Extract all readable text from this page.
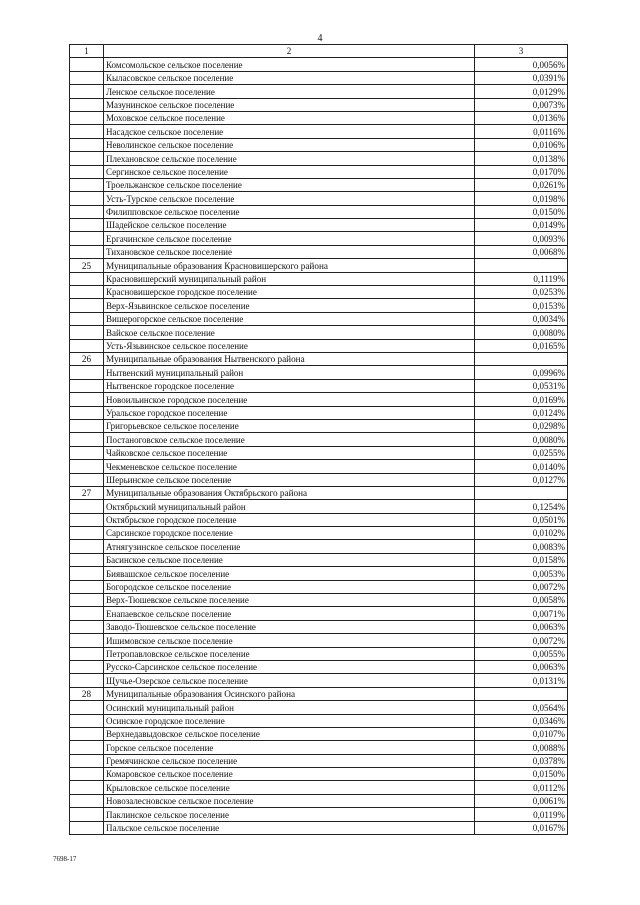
4
1	2	3
	Комсомольское сельское поселение	0,0056%
	Кыласовское сельское поселение	0,0391%
	Ленское сельское поселение	0,0129%
	Мазунинское сельское поселение	0,0073%
	Моховское сельское поселение	0,0136%
	Насадское сельское поселение	0,0116%
	Неволинское сельское поселение	0,0106%
	Плехановское сельское поселение	0,0138%
	Сергинское сельское поселение	0,0170%
	Троельжанское сельское поселение	0,0261%
	Усть-Турское сельское поселение	0,0198%
	Филипповское сельское поселение	0,0150%
	Шадейское сельское поселение	0,0149%
	Ергачинское сельское поселение	0,0093%
	Тихановское сельское поселение	0,0068%
25	Муниципальные образования Красновишерского района	
	Красновишерский муниципальный район	0,1119%
	Красновишерское городское поселение	0,0253%
	Верх-Язьвинское сельское поселение	0,0153%
	Вишерогорское сельское поселение	0,0034%
	Вайское сельское поселение	0,0080%
	Усть-Язьвинское сельское поселение	0,0165%
26	Муниципальные образования Нытвенского района	
	Нытвенский муниципальный район	0,0996%
	Нытвенское городское поселение	0,0531%
	Новоильинское городское поселение	0,0169%
	Уральское городское поселение	0,0124%
	Григорьевское сельское поселение	0,0298%
	Постаноговское сельское поселение	0,0080%
	Чайковское сельское поселение	0,0255%
	Чекменевское сельское поселение	0,0140%
	Шерьинское сельское поселение	0,0127%
27	Муниципальные образования Октябрьского района	
	Октябрьский муниципальный район	0,1254%
	Октябрьское городское поселение	0,0501%
	Сарсинское городское поселение	0,0102%
	Атнягузинское сельское поселение	0,0083%
	Басинское сельское поселение	0,0158%
	Биявашское сельское поселение	0,0053%
	Богородское сельское поселение	0,0072%
	Верх-Тюшевское сельское поселение	0,0058%
	Енапаевское сельское поселение	0,0071%
	Заводо-Тюшевское сельское поселение	0,0063%
	Ишимовское сельское поселение	0,0072%
	Петропавловское сельское поселение	0,0055%
	Русско-Сарсинское сельское поселение	0,0063%
	Щучье-Озерское сельское поселение	0,0131%
28	Муниципальные образования Осинского района	
	Осинский муниципальный район	0,0564%
	Осинское городское поселение	0,0346%
	Верхнедавыдовское сельское поселение	0,0107%
	Горское сельское поселение	0,0088%
	Гремячинское сельское поселение	0,0378%
	Комаровское сельское поселение	0,0150%
	Крыловское сельское поселение	0,0112%
	Новозалесновское сельское поселение	0,0061%
	Паклинское сельское поселение	0,0119%
	Пальское сельское поселение	0,0167%
7698-17
